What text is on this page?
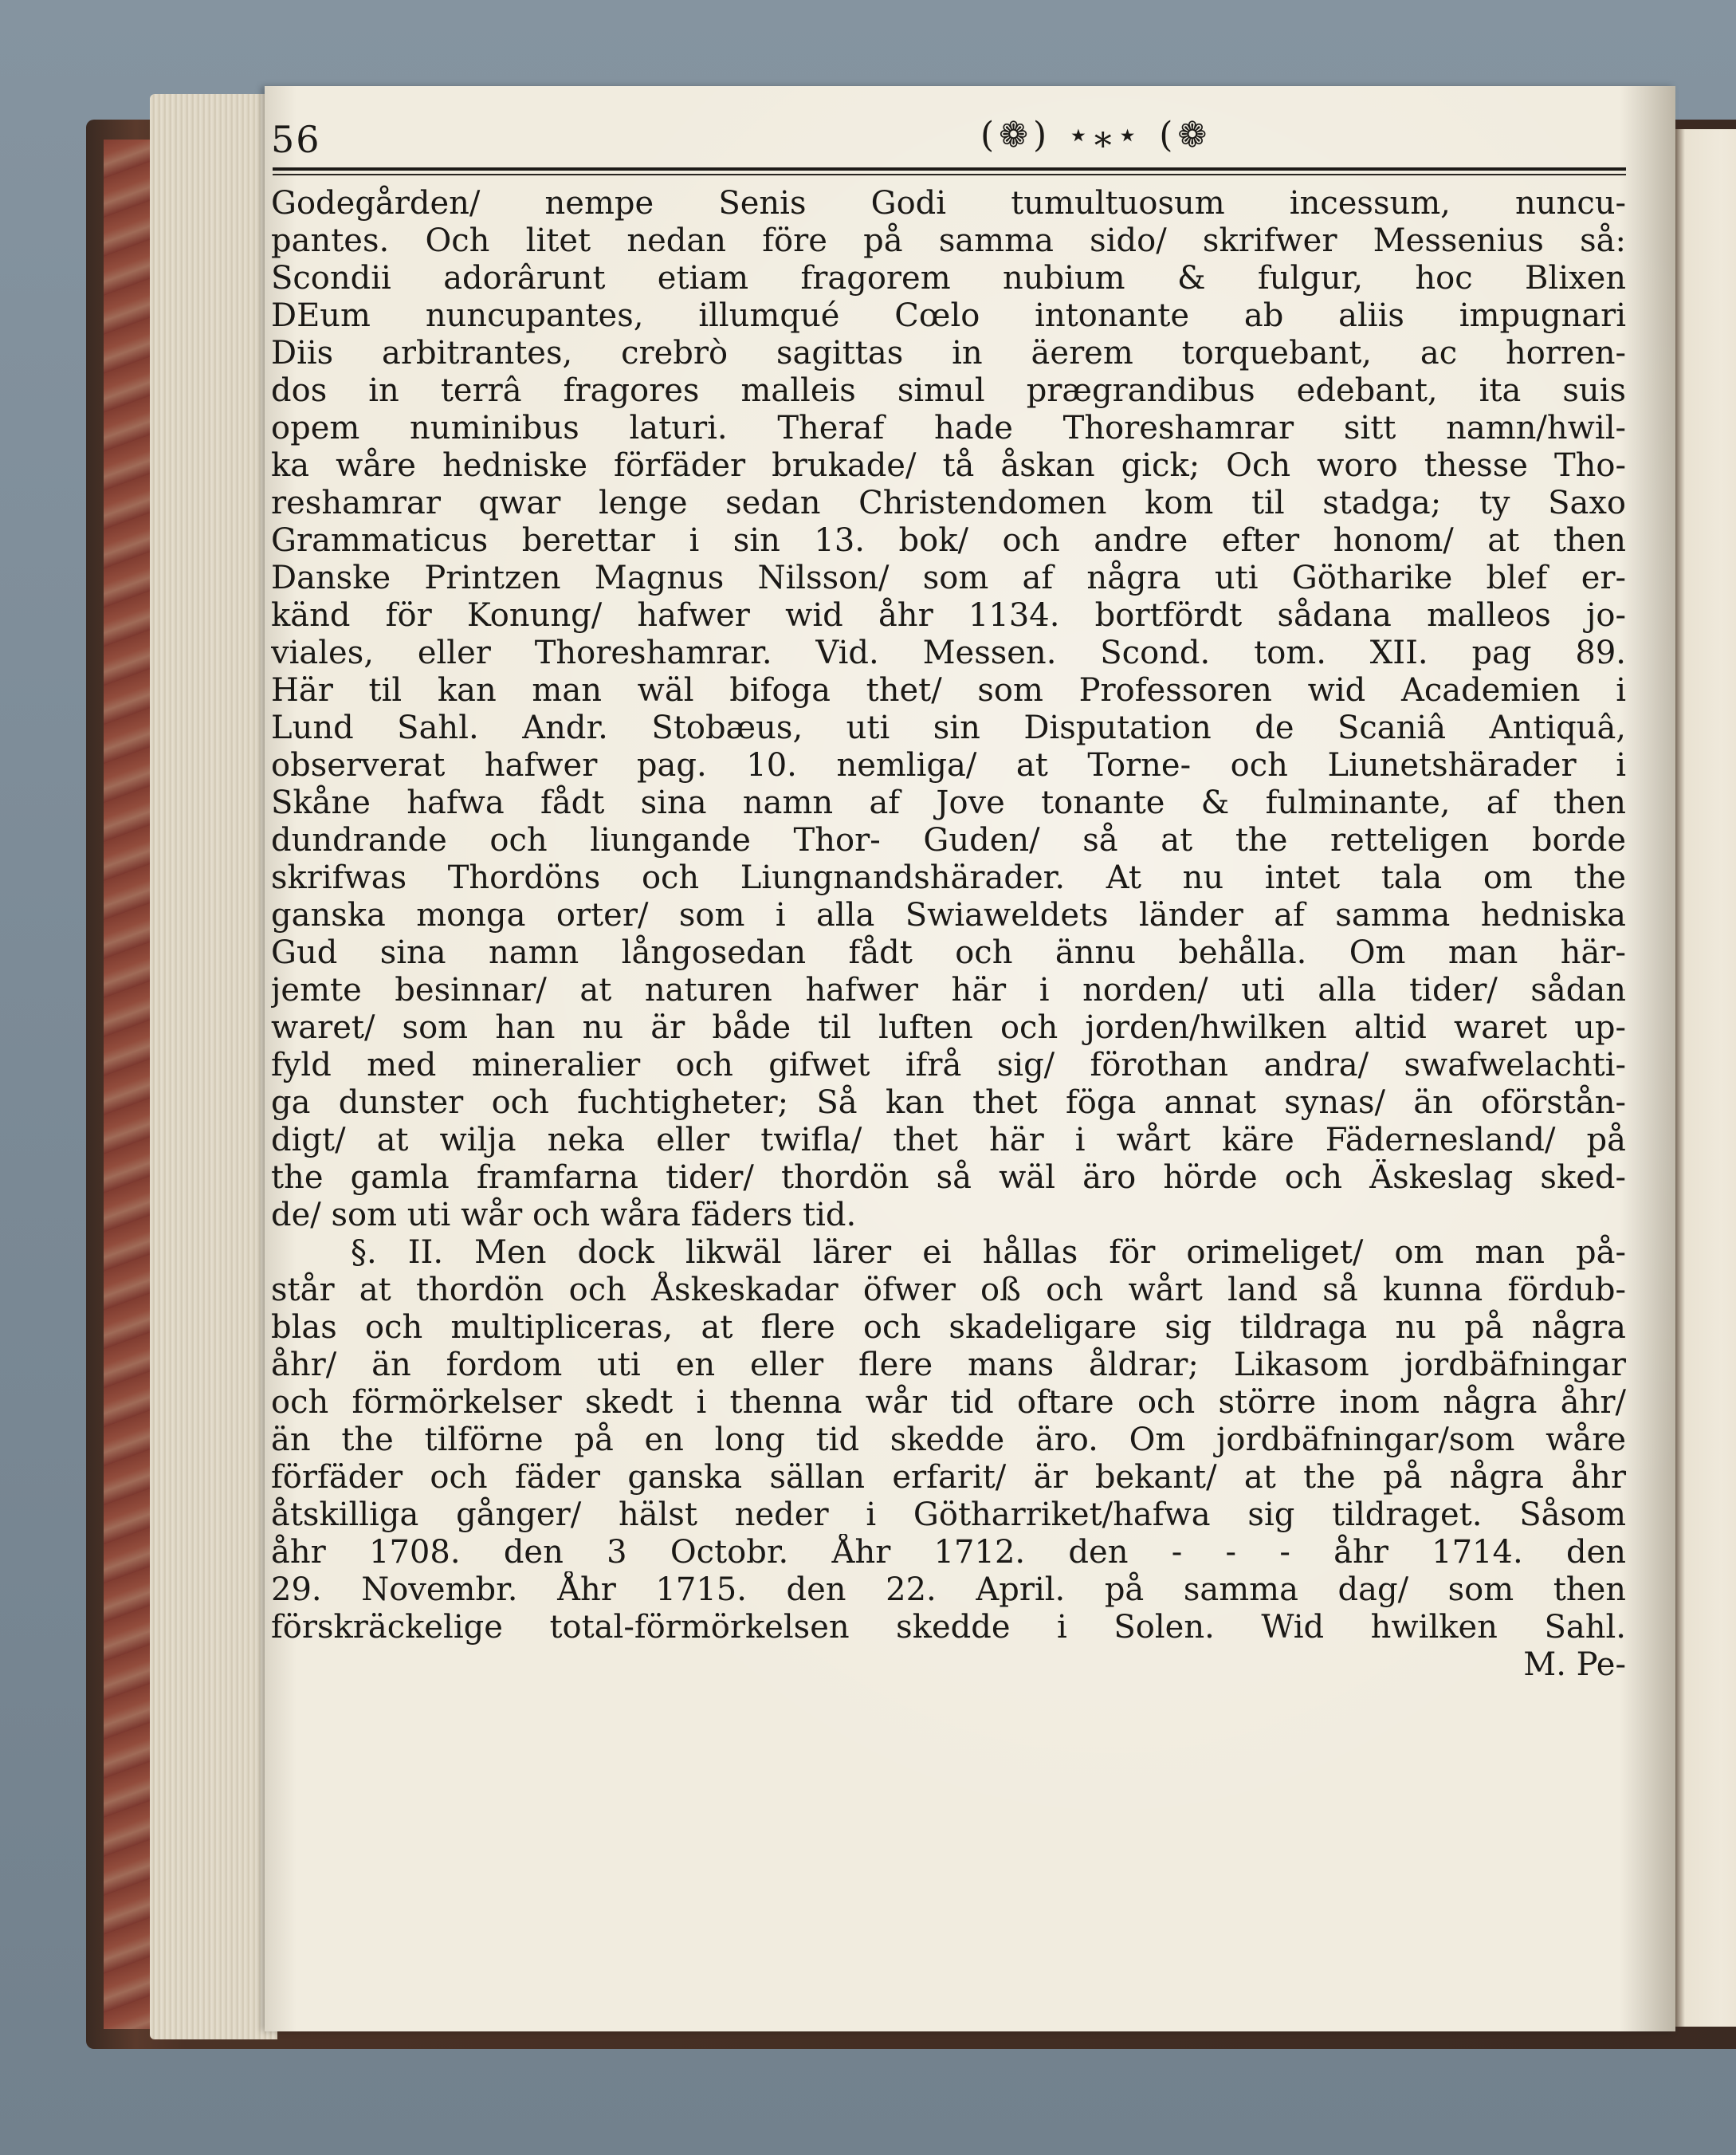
56	(❁) ⋆⁎⋆ (❁
Godegården/ nempe Senis Godi tumultuosum incessum, nuncu-
pantes. Och litet nedan före på samma sido/ skrifwer Messenius så:
Scondii adorârunt etiam fragorem nubium & fulgur, hoc Blixen
DEum nuncupantes, illumqué Cœlo intonante ab aliis impugnari
Diis arbitrantes, crebrò sagittas in äerem torquebant, ac horren-
dos in terrâ fragores malleis simul prægrandibus edebant, ita suis
opem numinibus laturi. Theraf hade Thoreshamrar sitt namn/hwil-
ka wåre hedniske förfäder brukade/ tå åskan gick; Och woro thesse Tho-
reshamrar qwar lenge sedan Christendomen kom til stadga; ty Saxo
Grammaticus berettar i sin 13. bok/ och andre efter honom/ at then
Danske Printzen Magnus Nilsson/ som af några uti Götharike blef er-
känd för Konung/ hafwer wid åhr 1134. bortfördt sådana malleos jo-
viales, eller Thoreshamrar. Vid. Messen. Scond. tom. XII. pag 89.
Här til kan man wäl bifoga thet/ som Professoren wid Academien i
Lund Sahl. Andr. Stobæus, uti sin Disputation de Scaniâ Antiquâ,
observerat hafwer pag. 10. nemliga/ at Torne- och Liunetshärader i
Skåne hafwa fådt sina namn af Jove tonante & fulminante, af then
dundrande och liungande Thor- Guden/ så at the retteligen borde
skrifwas Thordöns och Liungnandshärader. At nu intet tala om the
ganska monga orter/ som i alla Swiaweldets länder af samma hedniska
Gud sina namn långosedan fådt och ännu behålla. Om man här-
jemte besinnar/ at naturen hafwer här i norden/ uti alla tider/ sådan
waret/ som han nu är både til luften och jorden/hwilken altid waret up-
fyld med mineralier och gifwet ifrå sig/ förothan andra/ swafwelachti-
ga dunster och fuchtigheter; Så kan thet föga annat synas/ än oförstån-
digt/ at wilja neka eller twifla/ thet här i wårt käre Fädernesland/ på
the gamla framfarna tider/ thordön så wäl äro hörde och Äskeslag sked-
de/ som uti wår och wåra fäders tid.
§. II. Men dock likwäl lärer ei hållas för orimeliget/ om man på-
står at thordön och Åskeskadar öfwer oß och wårt land så kunna fördub-
blas och multipliceras, at flere och skadeligare sig tildraga nu på några
åhr/ än fordom uti en eller flere mans åldrar; Likasom jordbäfningar
och förmörkelser skedt i thenna wår tid oftare och större inom några åhr/
än the tilförne på en long tid skedde äro. Om jordbäfningar/som wåre
förfäder och fäder ganska sällan erfarit/ är bekant/ at the på några åhr
åtskilliga gånger/ hälst neder i Götharriket/hafwa sig tildraget. Såsom
åhr 1708. den 3 Octobr. Åhr 1712. den - - - åhr 1714. den
29. Novembr. Åhr 1715. den 22. April. på samma dag/ som then
förskräckelige total-förmörkelsen skedde i Solen. Wid hwilken Sahl.
M. Pe-
